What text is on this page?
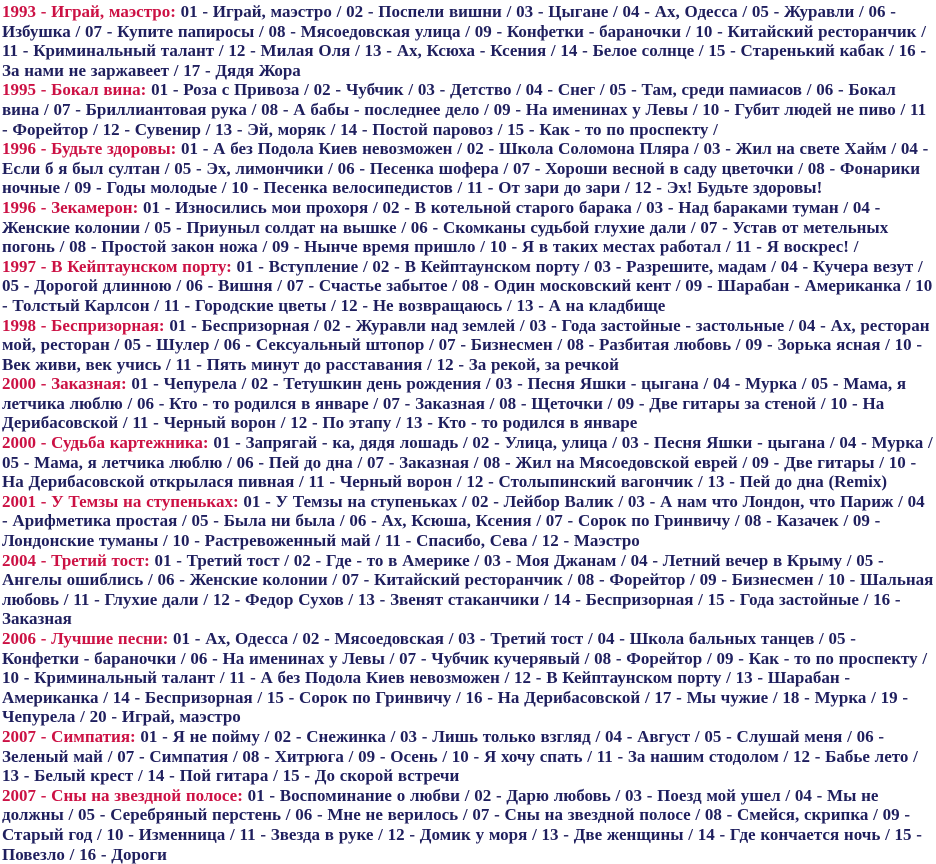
1993 - Играй, маэстро: 01 - Играй, маэстро / 02 - Поспели вишни / 03 - Цыгане / 04 - Ах, Одесса / 05 - Журавли / 06 - Избушка / 07 - Купите папиросы / 08 - Мясоедовская улица / 09 - Конфетки - бараночки / 10 - Китайский ресторанчик / 11 - Криминальный талант / 12 - Милая Оля / 13 - Ах, Ксюха - Ксения / 14 - Белое солнце / 15 - Старенький кабак / 16 - За нами не заржавеет / 17 - Дядя Жора

1995 - Бокал вина: 01 - Роза с Привоза / 02 - Чубчик / 03 - Детство / 04 - Снег / 05 - Там, среди памиасов / 06 - Бокал вина / 07 - Бриллиантовая рука / 08 - А бабы - последнее дело / 09 - На именинах у Левы / 10 - Губит людей не пиво / 11 - Форейтор / 12 - Сувенир / 13 - Эй, моряк / 14 - Постой паровоз / 15 - Как - то по проспекту /

1996 - Будьте здоровы: 01 - А без Подола Киев невозможен / 02 - Школа Соломона Пляра / 03 - Жил на свете Хайм / 04 - Если б я был султан / 05 - Эх, лимончики / 06 - Песенка шофера / 07 - Хороши весной в саду цветочки / 08 - Фонарики ночные / 09 - Годы молодые / 10 - Песенка велосипедистов / 11 - От зари до зари / 12 - Эх! Будьте здоровы!

1996 - Зекамерон: 01 - Износились мои прохоря / 02 - В котельной старого барака / 03 - Над бараками туман / 04 - Женские колонии / 05 - Приуныл солдат на вышке / 06 - Скомканы судьбой глухие дали / 07 - Устав от метельных погонь / 08 - Простой закон ножа / 09 - Нынче время пришло / 10 - Я в таких местах работал / 11 - Я воскрес! /

1997 - В Кейптаунском порту: 01 - Вступление / 02 - В Кейптаунском порту / 03 - Разрешите, мадам / 04 - Кучера везут / 05 - Дорогой длинною / 06 - Вишня / 07 - Счастье забытое / 08 - Один московский кент / 09 - Шарабан - Американка / 10 - Толстый Карлсон / 11 - Городские цветы / 12 - Не возвращаюсь / 13 - А на кладбище

1998 - Беспризорная: 01 - Беспризорная / 02 - Журавли над землей / 03 - Года застойные - застольные / 04 - Ах, ресторан мой, ресторан / 05 - Шулер / 06 - Сексуальный штопор / 07 - Бизнесмен / 08 - Разбитая любовь / 09 - Зорька ясная / 10 - Век живи, век учись / 11 - Пять минут до расставания / 12 - За рекой, за речкой

2000 - Заказная: 01 - Чепурела / 02 - Тетушкин день рождения / 03 - Песня Яшки - цыгана / 04 - Мурка / 05 - Мама, я летчика люблю / 06 - Кто - то родился в январе / 07 - Заказная / 08 - Щеточки / 09 - Две гитары за стеной / 10 - На Дерибасовской / 11 - Черный ворон / 12 - По этапу / 13 - Кто - то родился в январе

2000 - Судьба картежника: 01 - Запрягай - ка, дядя лошадь / 02 - Улица, улица / 03 - Песня Яшки - цыгана / 04 - Мурка / 05 - Мама, я летчика люблю / 06 - Пей до дна / 07 - Заказная / 08 - Жил на Мясоедовской еврей / 09 - Две гитары / 10 - На Дерибасовской открылася пивная / 11 - Черный ворон / 12 - Столыпинский вагончик / 13 - Пей до дна (Remix)

2001 - У Темзы на ступеньках: 01 - У Темзы на ступеньках / 02 - Лейбор Валик / 03 - А нам что Лондон, что Париж / 04 - Арифметика простая / 05 - Была ни была / 06 - Ах, Ксюша, Ксения / 07 - Сорок по Гринвичу / 08 - Казачек / 09 - Лондонские туманы / 10 - Растревоженный май / 11 - Спасибо, Сева / 12 - Маэстро

2004 - Третий тост: 01 - Третий тост / 02 - Где - то в Америке / 03 - Моя Джанам / 04 - Летний вечер в Крыму / 05 - Ангелы ошиблись / 06 - Женские колонии / 07 - Китайский ресторанчик / 08 - Форейтор / 09 - Бизнесмен / 10 - Шальная любовь / 11 - Глухие дали / 12 - Федор Сухов / 13 - Звенят стаканчики / 14 - Беспризорная / 15 - Года застойные / 16 - Заказная

2006 - Лучшие песни: 01 - Ах, Одесса / 02 - Мясоедовская / 03 - Третий тост / 04 - Школа бальных танцев / 05 - Конфетки - бараночки / 06 - На именинах у Левы / 07 - Чубчик кучерявый / 08 - Форейтор / 09 - Как - то по проспекту / 10 - Криминальный талант / 11 - А без Подола Киев невозможен / 12 - В Кейптаунском порту / 13 - Шарабан - Американка / 14 - Беспризорная / 15 - Сорок по Гринвичу / 16 - На Дерибасовской / 17 - Мы чужие / 18 - Мурка / 19 - Чепурела / 20 - Играй, маэстро

2007 - Симпатия: 01 - Я не пойму / 02 - Снежинка / 03 - Лишь только взгляд / 04 - Август / 05 - Слушай меня / 06 - Зеленый май / 07 - Симпатия / 08 - Хитрюга / 09 - Осень / 10 - Я хочу спать / 11 - За нашим стодолом / 12 - Бабье лето / 13 - Белый крест / 14 - Пой гитара / 15 - До скорой встречи

2007 - Сны на звездной полосе: 01 - Воспоминание о любви / 02 - Дарю любовь / 03 - Поезд мой ушел / 04 - Мы не должны / 05 - Серебряный перстень / 06 - Мне не верилось / 07 - Сны на звездной полосе / 08 - Смейся, скрипка / 09 - Старый год / 10 - Изменница / 11 - Звезда в руке / 12 - Домик у моря / 13 - Две женщины / 14 - Где кончается ночь / 15 - Повезло / 16 - Дороги
